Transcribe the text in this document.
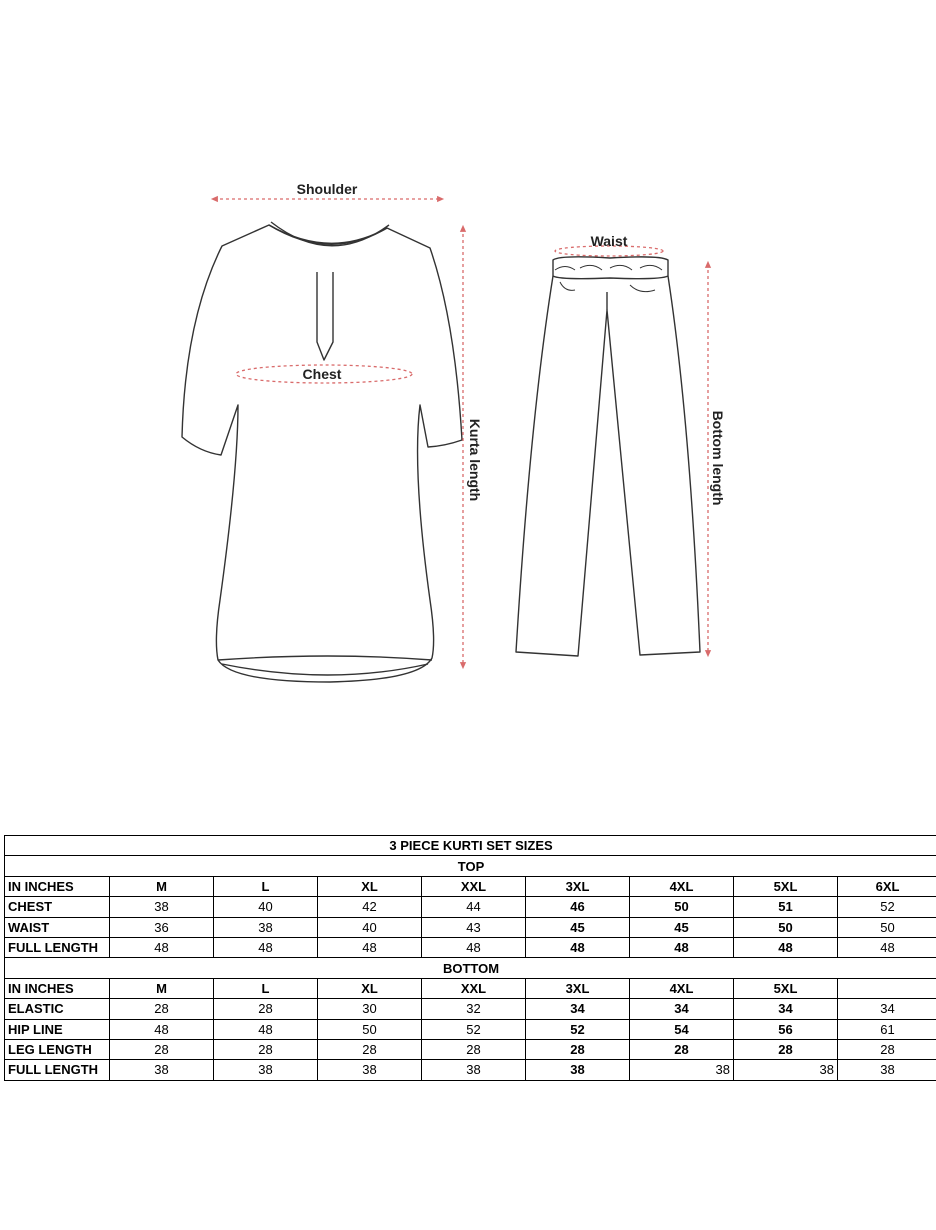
Shoulder
Chest
Kurta length
Waist
Bottom length
3 PIECE KURTI SET SIZES								
TOP								
IN INCHES	M	L	XL	XXL	3XL	4XL	5XL	6XL
CHEST	38	40	42	44	46	50	51	52
WAIST	36	38	40	43	45	45	50	50
FULL LENGTH	48	48	48	48	48	48	48	48
BOTTOM								
IN INCHES	M	L	XL	XXL	3XL	4XL	5XL	
ELASTIC	28	28	30	32	34	34	34	34
HIP LINE	48	48	50	52	52	54	56	61
LEG LENGTH	28	28	28	28	28	28	28	28
FULL LENGTH	38	38	38	38	38	38	38	38
